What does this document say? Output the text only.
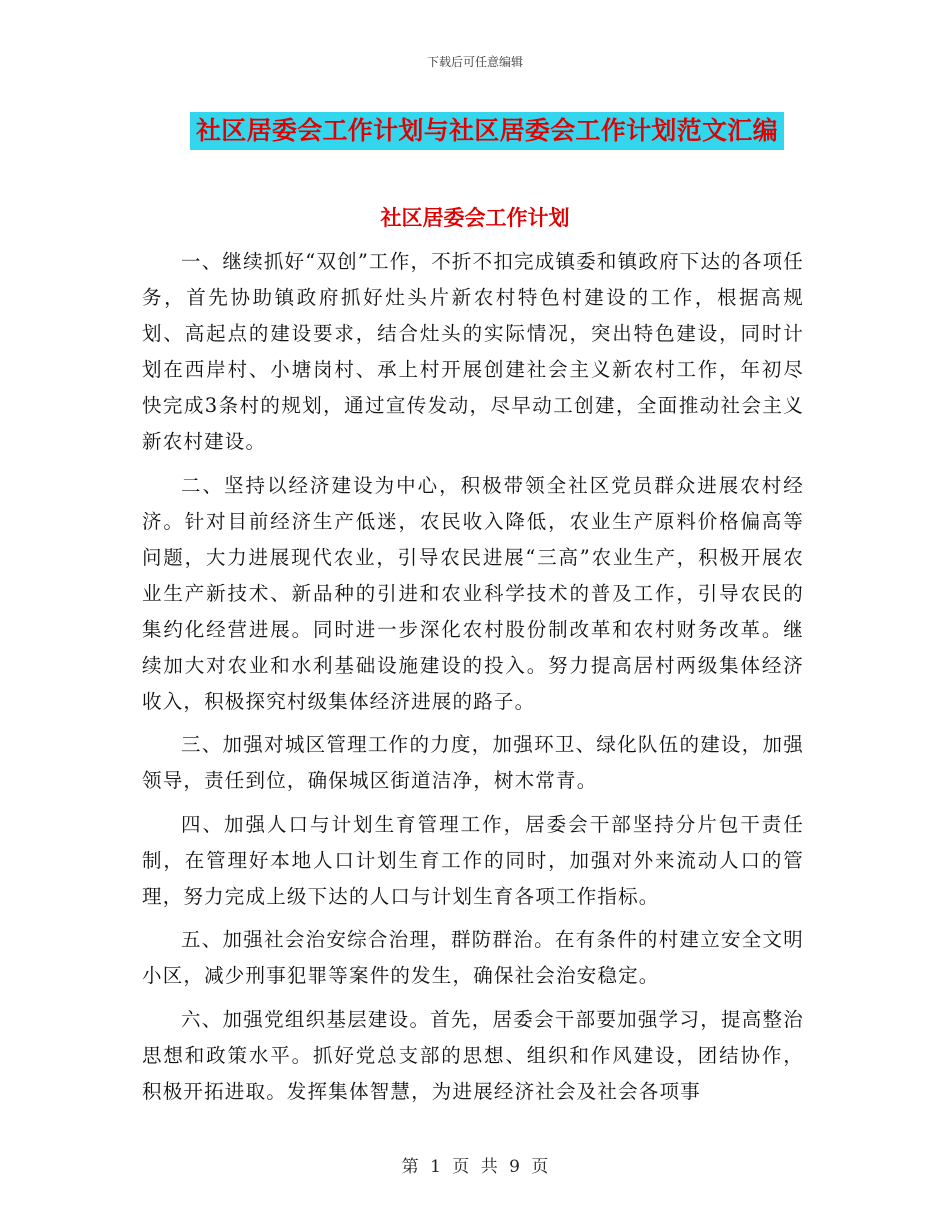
下载后可任意编辑
社区居委会工作计划与社区居委会工作计划范文汇编
社区居委会工作计划

一、继续抓好“双创”工作，不折不扣完成镇委和镇政府下达的各项任务，首先协助镇政府抓好灶头片新农村特色村建设的工作，根据高规划、高起点的建设要求，结合灶头的实际情况，突出特色建设，同时计划在西岸村、小塘岗村、承上村开展创建社会主义新农村工作，年初尽快完成3条村的规划，通过宣传发动，尽早动工创建，全面推动社会主义新农村建设。

二、坚持以经济建设为中心，积极带领全社区党员群众进展农村经济。针对目前经济生产低迷，农民收入降低，农业生产原料价格偏高等问题，大力进展现代农业，引导农民进展“三高”农业生产，积极开展农业生产新技术、新品种的引进和农业科学技术的普及工作，引导农民的集约化经营进展。同时进一步深化农村股份制改革和农村财务改革。继续加大对农业和水利基础设施建设的投入。努力提高居村两级集体经济收入，积极探究村级集体经济进展的路子。

三、加强对城区管理工作的力度，加强环卫、绿化队伍的建设，加强领导，责任到位，确保城区街道洁净，树木常青。

四、加强人口与计划生育管理工作，居委会干部坚持分片包干责任制，在管理好本地人口计划生育工作的同时，加强对外来流动人口的管理，努力完成上级下达的人口与计划生育各项工作指标。

五、加强社会治安综合治理，群防群治。在有条件的村建立安全文明小区，减少刑事犯罪等案件的发生，确保社会治安稳定。

六、加强党组织基层建设。首先，居委会干部要加强学习，提高整治思想和政策水平。抓好党总支部的思想、组织和作风建设，团结协作，积极开拓进取。发挥集体智慧，为进展经济社会及社会各项事

第 1 页 共 9 页
